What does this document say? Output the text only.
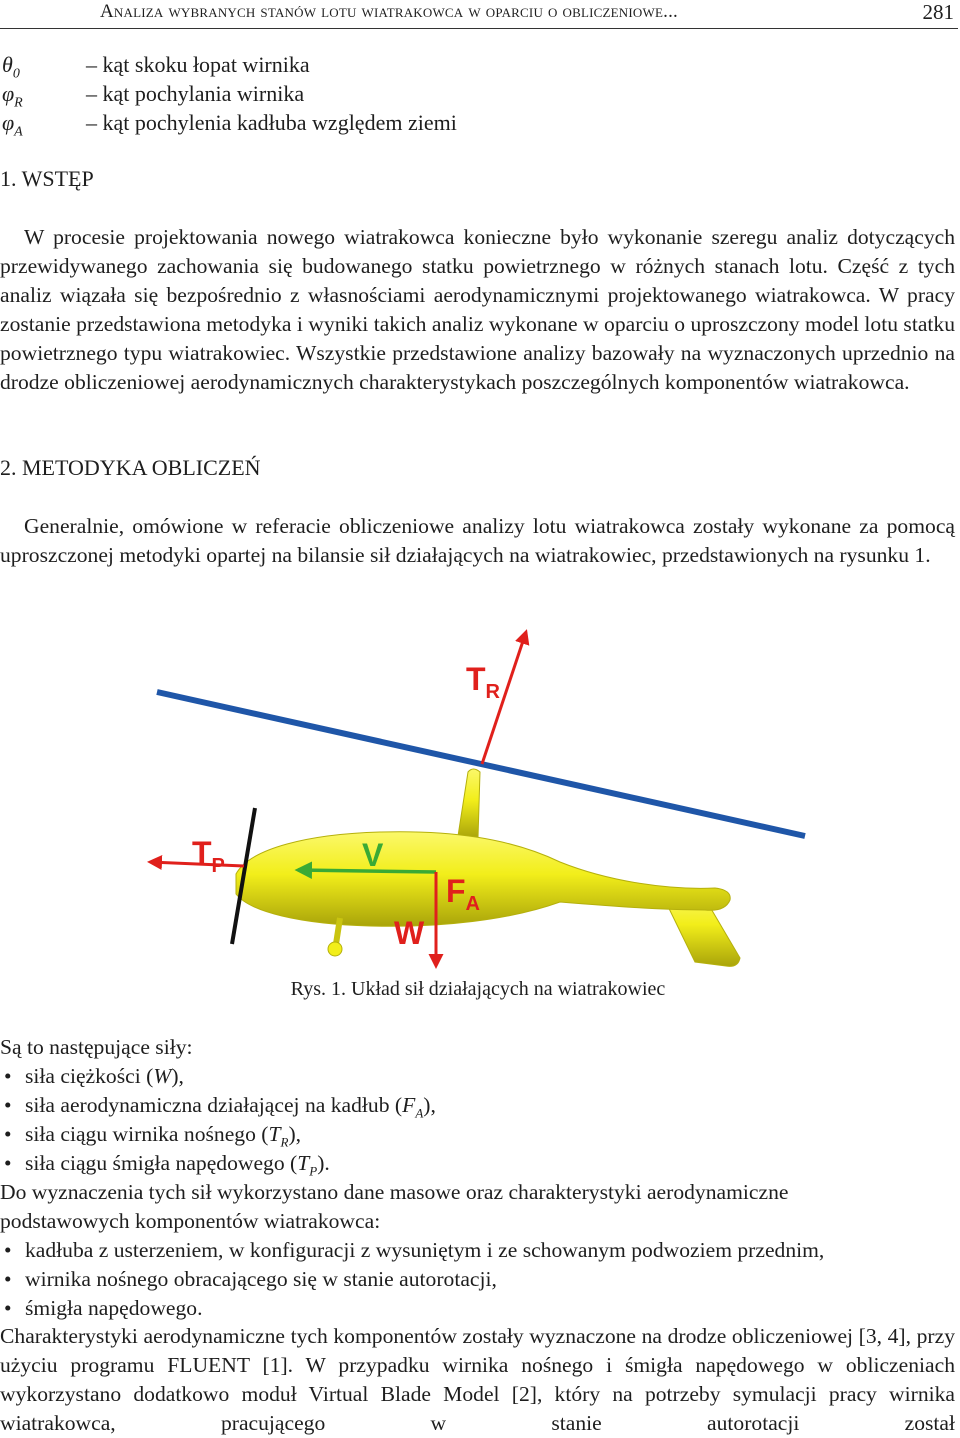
Analiza wybranych stanów lotu wiatrakowca w oparciu o obliczeniowe...	281
$\theta_0$	– kąt skoku łopat wirnika
$\varphi_R$	– kąt pochylania wirnika
$\varphi_A$	– kąt pochylenia kadłuba względem ziemi
1. WSTĘP

W procesie projektowania nowego wiatrakowca konieczne było wykonanie szeregu analiz dotyczących przewidywanego zachowania się budowanego statku powietrznego w różnych stanach lotu. Część z tych analiz wiązała się bezpośrednio z własnościami aerodynamicznymi projektowanego wiatrakowca. W pracy zostanie przedstawiona metodyka i wyniki takich analiz wykonane w oparciu o uproszczony model lotu statku powietrznego typu wiatrakowiec. Wszystkie przedstawione analizy bazowały na wyznaczonych uprzednio na drodze obliczeniowej aerodynamicznych charakterystykach poszczególnych komponentów wiatrakowca.

2. METODYKA OBLICZEŃ

Generalnie, omówione w referacie obliczeniowe analizy lotu wiatrakowca zostały wykonane za pomocą uproszczonej metodyki opartej na bilansie sił działających na wiatrakowiec, przedstawionych na rysunku 1.

$T_R$
$T_P$	V
$F_A$
W
Rys. 1. Układ sił działających na wiatrakowiec
Są to następujące siły:
• siła ciężkości (W),
• siła aerodynamiczna działającej na kadłub $(F_A)$,
• siła ciągu wirnika nośnego $(T_R)$,
• siła ciągu śmigła napędowego $(T_P)$.
Do wyznaczenia tych sił wykorzystano dane masowe oraz charakterystyki aerodynamiczne
podstawowych komponentów wiatrakowca:
• kadłuba z usterzeniem, w konfiguracji z wysuniętym i ze schowanym podwoziem przednim,
• wirnika nośnego obracającego się w stanie autorotacji,
• śmigła napędowego.

Charakterystyki aerodynamiczne tych komponentów zostały wyznaczone na drodze obliczeniowej [3, 4], przy użyciu programu FLUENT [1]. W przypadku wirnika nośnego i śmigła napędowego w obliczeniach wykorzystano dodatkowo moduł Virtual Blade Model [2], który na potrzeby symulacji pracy wirnika wiatrakowca, pracującego w stanie autorotacji został
